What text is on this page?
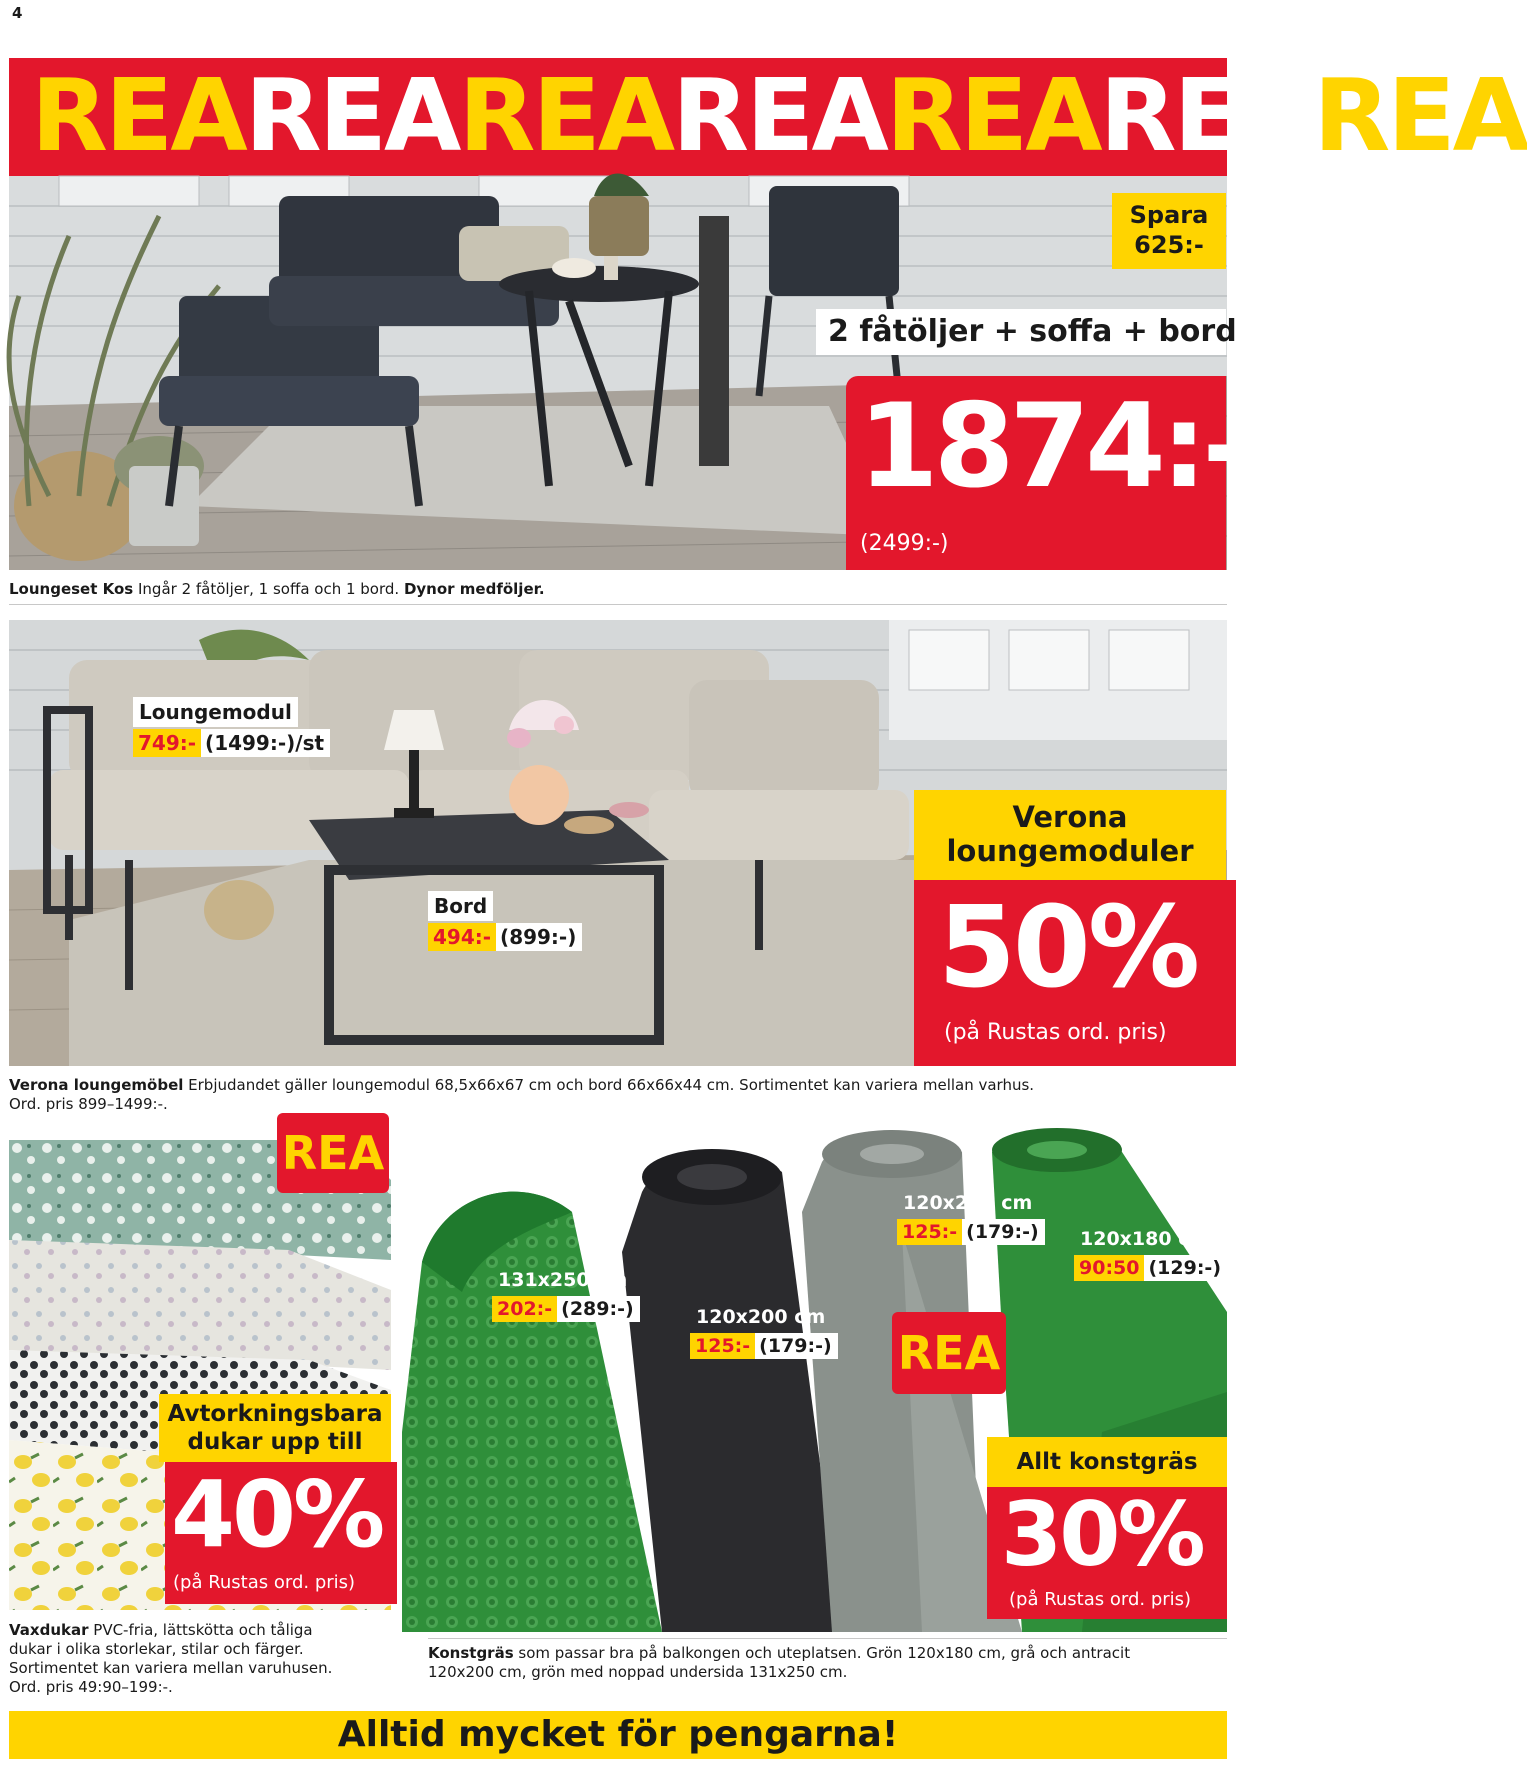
4
REAREAREAREAREAREAREA
Spara
625:-
2 fåtöljer + soffa + bord
1874:-
(2499:-)
Loungeset Kos Ingår 2 fåtöljer, 1 soffa och 1 bord. Dynor medföljer.
Loungemodul
749:- (1499:-)/st
Bord
494:- (899:-)
Verona
loungemoduler
50%
(på Rustas ord. pris)
Verona loungemöbel Erbjudandet gäller loungemodul 68,5x66x67 cm och bord 66x66x44 cm. Sortimentet kan variera mellan varhus.
Ord. pris 899–1499:-.
REA
Avtorkningsbara
dukar upp till
40%
(på Rustas ord. pris)
Vaxdukar PVC-fria, lättskötta och tåliga
dukar i olika storlekar, stilar och färger.
Sortimentet kan variera mellan varuhusen.
Ord. pris 49:90–199:-.
131x250 cm
202:- (289:-)	120x200 cm
125:- (179:-)
120x200 cm
125:- (179:-)	120x180 cm
90:50 (129:-)
REA
Allt konstgräs
30%
(på Rustas ord. pris)
Konstgräs som passar bra på balkongen och uteplatsen. Grön 120x180 cm, grå och antracit
120x200 cm, grön med noppad undersida 131x250 cm.
Alltid mycket för pengarna!
